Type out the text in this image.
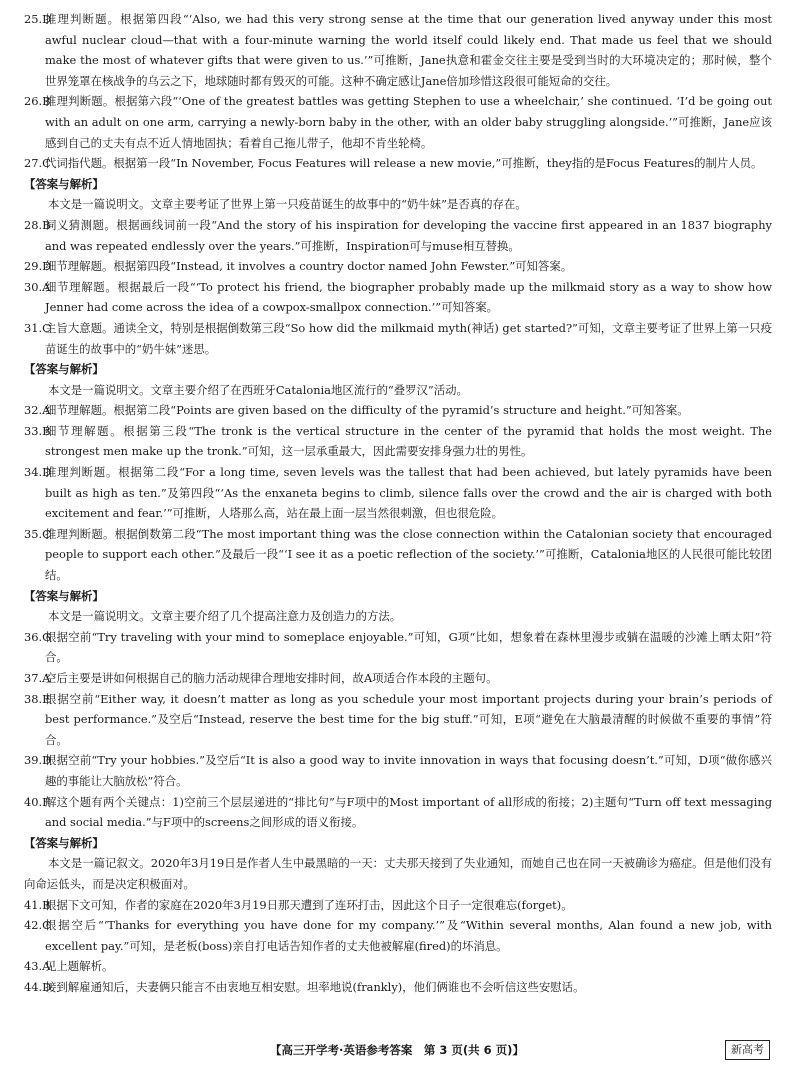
25.D
推理判断题。根据第四段“‘Also, we had this very strong sense at the time that our generation lived anyway under this most awful nuclear cloud—that with a four-minute warning the world itself could likely end. That made us feel that we should make the most of whatever gifts that were given to us.’”可推断，Jane执意和霍金交往主要是受到当时的大环境决定的；那时候，整个世界笼罩在核战争的乌云之下，地球随时都有毁灭的可能。这种不确定感让Jane倍加珍惜这段很可能短命的交往。
26.B
推理判断题。根据第六段“‘One of the greatest battles was getting Stephen to use a wheelchair,’ she continued. ‘I’d be going out with an adult on one arm, carrying a newly-born baby in the other, with an older baby struggling alongside.’”可推断，Jane应该感到自己的丈夫有点不近人情地固执；看着自己拖儿带子，他却不肯坐轮椅。
27.C
代词指代题。根据第一段“In November, Focus Features will release a new movie,”可推断，they指的是Focus Features的制片人员。
【答案与解析】
本文是一篇说明文。文章主要考证了世界上第一只疫苗诞生的故事中的“奶牛妹”是否真的存在。
28.B
词义猜测题。根据画线词前一段“And the story of his inspiration for developing the vaccine first appeared in an 1837 biography and was repeated endlessly over the years.”可推断，Inspiration可与muse相互替换。
29.D
细节理解题。根据第四段“Instead, it involves a country doctor named John Fewster.”可知答案。
30.A
细节理解题。根据最后一段“‘To protect his friend, the biographer probably made up the milkmaid story as a way to show how Jenner had come across the idea of a cowpox-smallpox connection.’”可知答案。
31.C
主旨大意题。通读全文，特别是根据倒数第三段“So how did the milkmaid myth(神话) get started?”可知，文章主要考证了世界上第一只疫苗诞生的故事中的“奶牛妹”迷思。
【答案与解析】
本文是一篇说明文。文章主要介绍了在西班牙Catalonia地区流行的“叠罗汉”活动。
32.A
细节理解题。根据第二段“Points are given based on the difficulty of the pyramid’s structure and height.”可知答案。
33.B
细节理解题。根据第三段“The tronk is the vertical structure in the center of the pyramid that holds the most weight. The strongest men make up the tronk.”可知，这一层承重最大，因此需要安排身强力壮的男性。
34.D
推理判断题。根据第二段“For a long time, seven levels was the tallest that had been achieved, but lately pyramids have been built as high as ten.”及第四段“‘As the enxaneta begins to climb, silence falls over the crowd and the air is charged with both excitement and fear.’”可推断，人塔那么高，站在最上面一层当然很刺激，但也很危险。
35.C
推理判断题。根据倒数第二段“The most important thing was the close connection within the Catalonian society that encouraged people to support each other.”及最后一段“‘I see it as a poetic reflection of the society.’”可推断，Catalonia地区的人民很可能比较团结。
【答案与解析】
本文是一篇说明文。文章主要介绍了几个提高注意力及创造力的方法。
36.G
根据空前“Try traveling with your mind to someplace enjoyable.”可知，G项“比如，想象着在森林里漫步或躺在温暖的沙滩上晒太阳”符合。
37.A
空后主要是讲如何根据自己的脑力活动规律合理地安排时间，故A项适合作本段的主题句。
38.E
根据空前“Either way, it doesn’t matter as long as you schedule your most important projects during your brain’s periods of best performance.”及空后“Instead, reserve the best time for the big stuff.”可知，E项“避免在大脑最清醒的时候做不重要的事情”符合。
39.D
根据空前“Try your hobbies.”及空后“It is also a good way to invite innovation in ways that focusing doesn’t.”可知，D项“做你感兴趣的事能让大脑放松”符合。
40.F
解这个题有两个关键点：1)空前三个层层递进的“排比句”与F项中的Most important of all形成的衔接；2)主题句“Turn off text messaging and social media.”与F项中的screens之间形成的语义衔接。
【答案与解析】
本文是一篇记叙文。2020年3月19日是作者人生中最黑暗的一天：丈夫那天接到了失业通知，而她自己也在同一天被确诊为癌症。但是他们没有向命运低头，而是决定积极面对。
41.B
根据下文可知，作者的家庭在2020年3月19日那天遭到了连环打击，因此这个日子一定很难忘(forget)。
42.C
根据空后“‘Thanks for everything you have done for my company.’”及“Within several months, Alan found a new job, with excellent pay.”可知，是老板(boss)亲自打电话告知作者的丈夫他被解雇(fired)的坏消息。
43.A
见上题解析。
44.D
接到解雇通知后，夫妻俩只能言不由衷地互相安慰。坦率地说(frankly)，他们俩谁也不会听信这些安慰话。
【高三开学考·英语参考答案　第 3 页(共 6 页)】	新高考
